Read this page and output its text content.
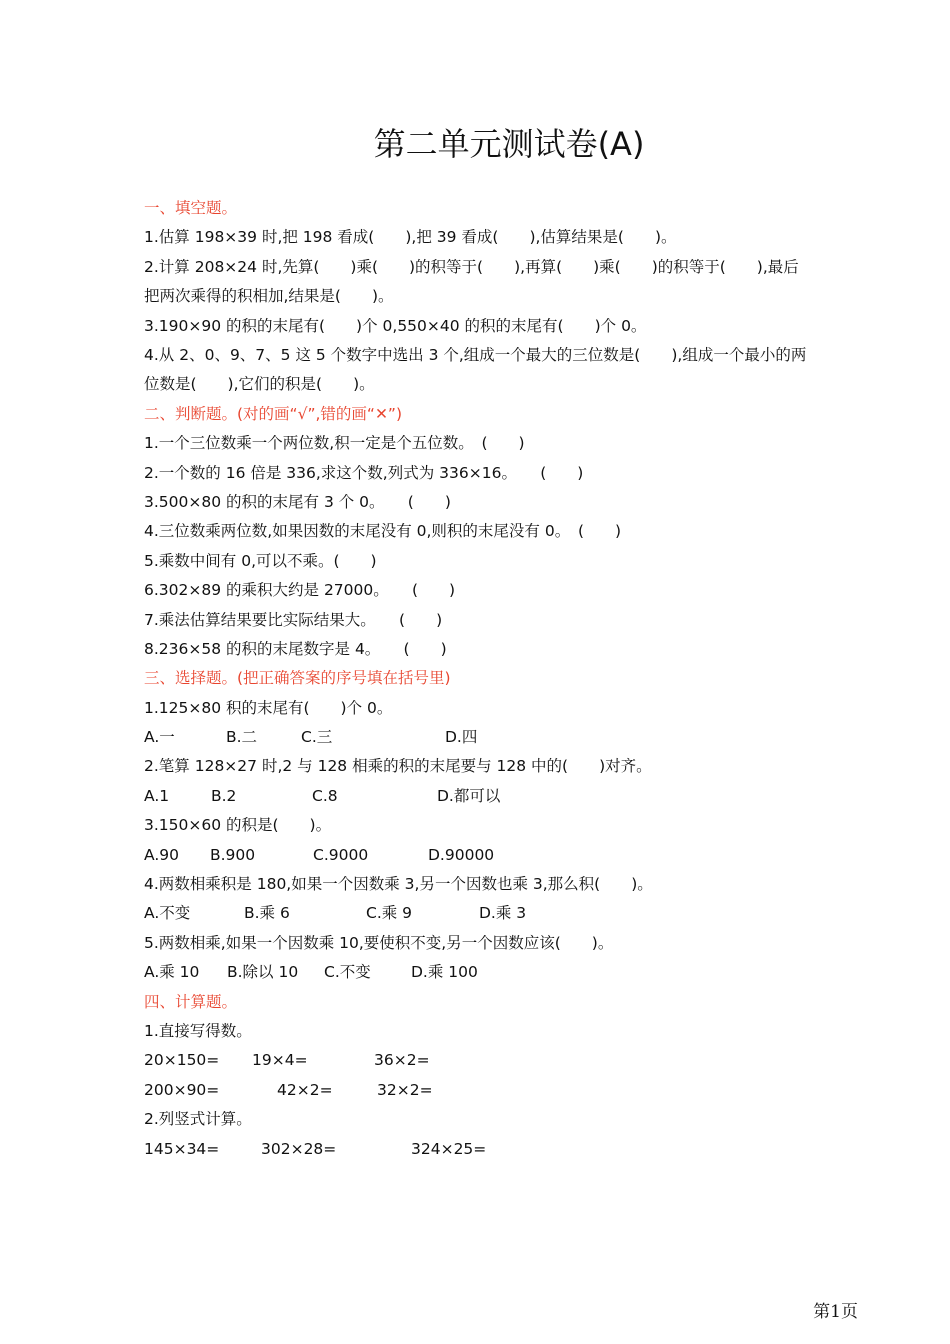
第二单元测试卷(A)
一、填空题。
1.估算 198×39 时,把 198 看成(　　),把 39 看成(　　),估算结果是(　　)。
2.计算 208×24 时,先算(　　)乘(　　)的积等于(　　),再算(　　)乘(　　)的积等于(　　),最后把两次乘得的积相加,结果是(　　)。
3.190×90 的积的末尾有(　　)个 0,550×40 的积的末尾有(　　)个 0。
4.从 2、0、9、7、5 这 5 个数字中选出 3 个,组成一个最大的三位数是(　　),组成一个最小的两位数是(　　),它们的积是(　　)。
二、判断题。(对的画“√”,错的画“✕”)
1.一个三位数乘一个两位数,积一定是个五位数。　(　　)
2.一个数的 16 倍是 336,求这个数,列式为 336×16。　　(　　)
3.500×80 的积的末尾有 3 个 0。　　(　　)
4.三位数乘两位数,如果因数的末尾没有 0,则积的末尾没有 0。　(　　)
5.乘数中间有 0,可以不乘。(　　)
6.302×89 的乘积大约是 27000。　　(　　)
7.乘法估算结果要比实际结果大。　　(　　)
8.236×58 的积的末尾数字是 4。　　(　　)
三、选择题。(把正确答案的序号填在括号里)
1.125×80 积的末尾有(　　)个 0。
A.一	B.二	C.三	D.四
2.笔算 128×27 时,2 与 128 相乘的积的末尾要与 128 中的(　　)对齐。
A.1	B.2	C.8	D.都可以
3.150×60 的积是(　　)。
A.90 B.900	C.9000	D.90000
4.两数相乘积是 180,如果一个因数乘 3,另一个因数也乘 3,那么积(　　)。
A.不变	B.乘 6	C.乘 9	D.乘 3
5.两数相乘,如果一个因数乘 10,要使积不变,另一个因数应该(　　)。
A.乘 10 B.除以 10 C.不变	D.乘 100
四、计算题。
1.直接写得数。
20×150= 19×4=	36×2=
200×90=	42×2=	32×2=
2.列竖式计算。
145×34=	302×28=	324×25=
第1页
